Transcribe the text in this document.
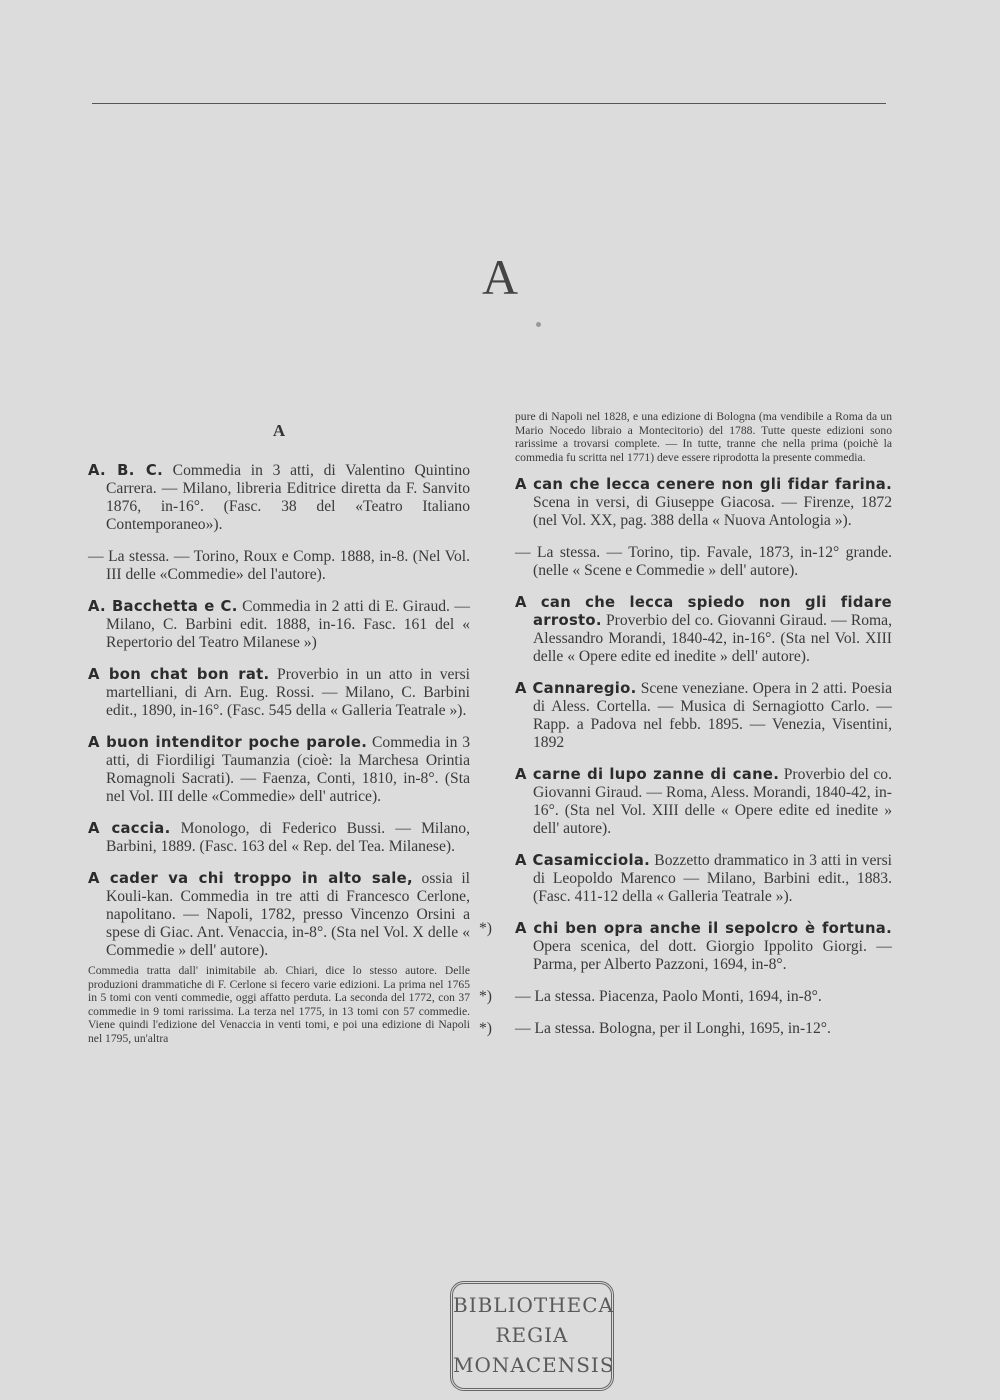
A
A
A. B. C. Commedia in 3 atti, di Valentino Quintino Carrera. — Milano, libreria Editrice diretta da F. Sanvito 1876, in-16°. (Fasc. 38 del «Teatro Italiano Contemporaneo»).
— La stessa. — Torino, Roux e Comp. 1888, in-8. (Nel Vol. III delle «Commedie» del l'autore).
A. Bacchetta e C. Commedia in 2 atti di E. Giraud. — Milano, C. Barbini edit. 1888, in-16. Fasc. 161 del « Repertorio del Teatro Milanese »)
A bon chat bon rat. Proverbio in un atto in versi martelliani, di Arn. Eug. Rossi. — Milano, C. Barbini edit., 1890, in-16°. (Fasc. 545 della « Galleria Teatrale »).
A buon intenditor poche parole. Commedia in 3 atti, di Fiordiligi Taumanzia (cioè: la Marchesa Orintia Romagnoli Sacrati). — Faenza, Conti, 1810, in-8°. (Sta nel Vol. III delle «Commedie» dell' autrice).
A caccia. Monologo, di Federico Bussi. — Milano, Barbini, 1889. (Fasc. 163 del « Rep. del Tea. Milanese).
A cader va chi troppo in alto sale, ossia il Kouli-kan. Commedia in tre atti di Francesco Cerlone, napolitano. — Napoli, 1782, presso Vincenzo Orsini a spese di Giac. Ant. Venaccia, in-8°. (Sta nel Vol. X delle « Commedie » dell' autore).
Commedia tratta dall' inimitabile ab. Chiari, dice lo stesso autore. Delle produzioni drammatiche di F. Cerlone si fecero varie edizioni. La prima nel 1765 in 5 tomi con venti commedie, oggi affatto perduta. La seconda del 1772, con 37 commedie in 9 tomi rarissima. La terza nel 1775, in 13 tomi con 57 commedie. Viene quindi l'edizione del Venaccia in venti tomi, e poi una edizione di Napoli nel 1795, un'altra
pure di Napoli nel 1828, e una edizione di Bologna (ma vendibile a Roma da un Mario Nocedo libraio a Montecitorio) del 1788. Tutte queste edizioni sono rarissime a trovarsi complete. — In tutte, tranne che nella prima (poichè la commedia fu scritta nel 1771) deve essere riprodotta la presente commedia.
A can che lecca cenere non gli fidar farina. Scena in versi, di Giuseppe Giacosa. — Firenze, 1872 (nel Vol. XX, pag. 388 della « Nuova Antologia »).
— La stessa. — Torino, tip. Favale, 1873, in-12° grande. (nelle « Scene e Commedie » dell' autore).
A can che lecca spiedo non gli fidare arrosto. Proverbio del co. Giovanni Giraud. — Roma, Alessandro Morandi, 1840-42, in-16°. (Sta nel Vol. XIII delle « Opere edite ed inedite » dell' autore).
A Cannaregio. Scene veneziane. Opera in 2 atti. Poesia di Aless. Cortella. — Musica di Sernagiotto Carlo. — Rapp. a Padova nel febb. 1895. — Venezia, Visentini, 1892
A carne di lupo zanne di cane. Proverbio del co. Giovanni Giraud. — Roma, Aless. Morandi, 1840-42, in-16°. (Sta nel Vol. XIII delle « Opere edite ed inedite » dell' autore).
A Casamicciola. Bozzetto drammatico in 3 atti in versi di Leopoldo Marenco — Milano, Barbini edit., 1883. (Fasc. 411-12 della « Galleria Teatrale »).
*) A chi ben opra anche il sepolcro è fortuna. Opera scenica, del dott. Giorgio Ippolito Giorgi. — Parma, per Alberto Pazzoni, 1694, in-8°.
*) — La stessa. Piacenza, Paolo Monti, 1694, in-8°.
*) — La stessa. Bologna, per il Longhi, 1695, in-12°.
BIBLIOTHECA
REGIA
MONACENSIS
